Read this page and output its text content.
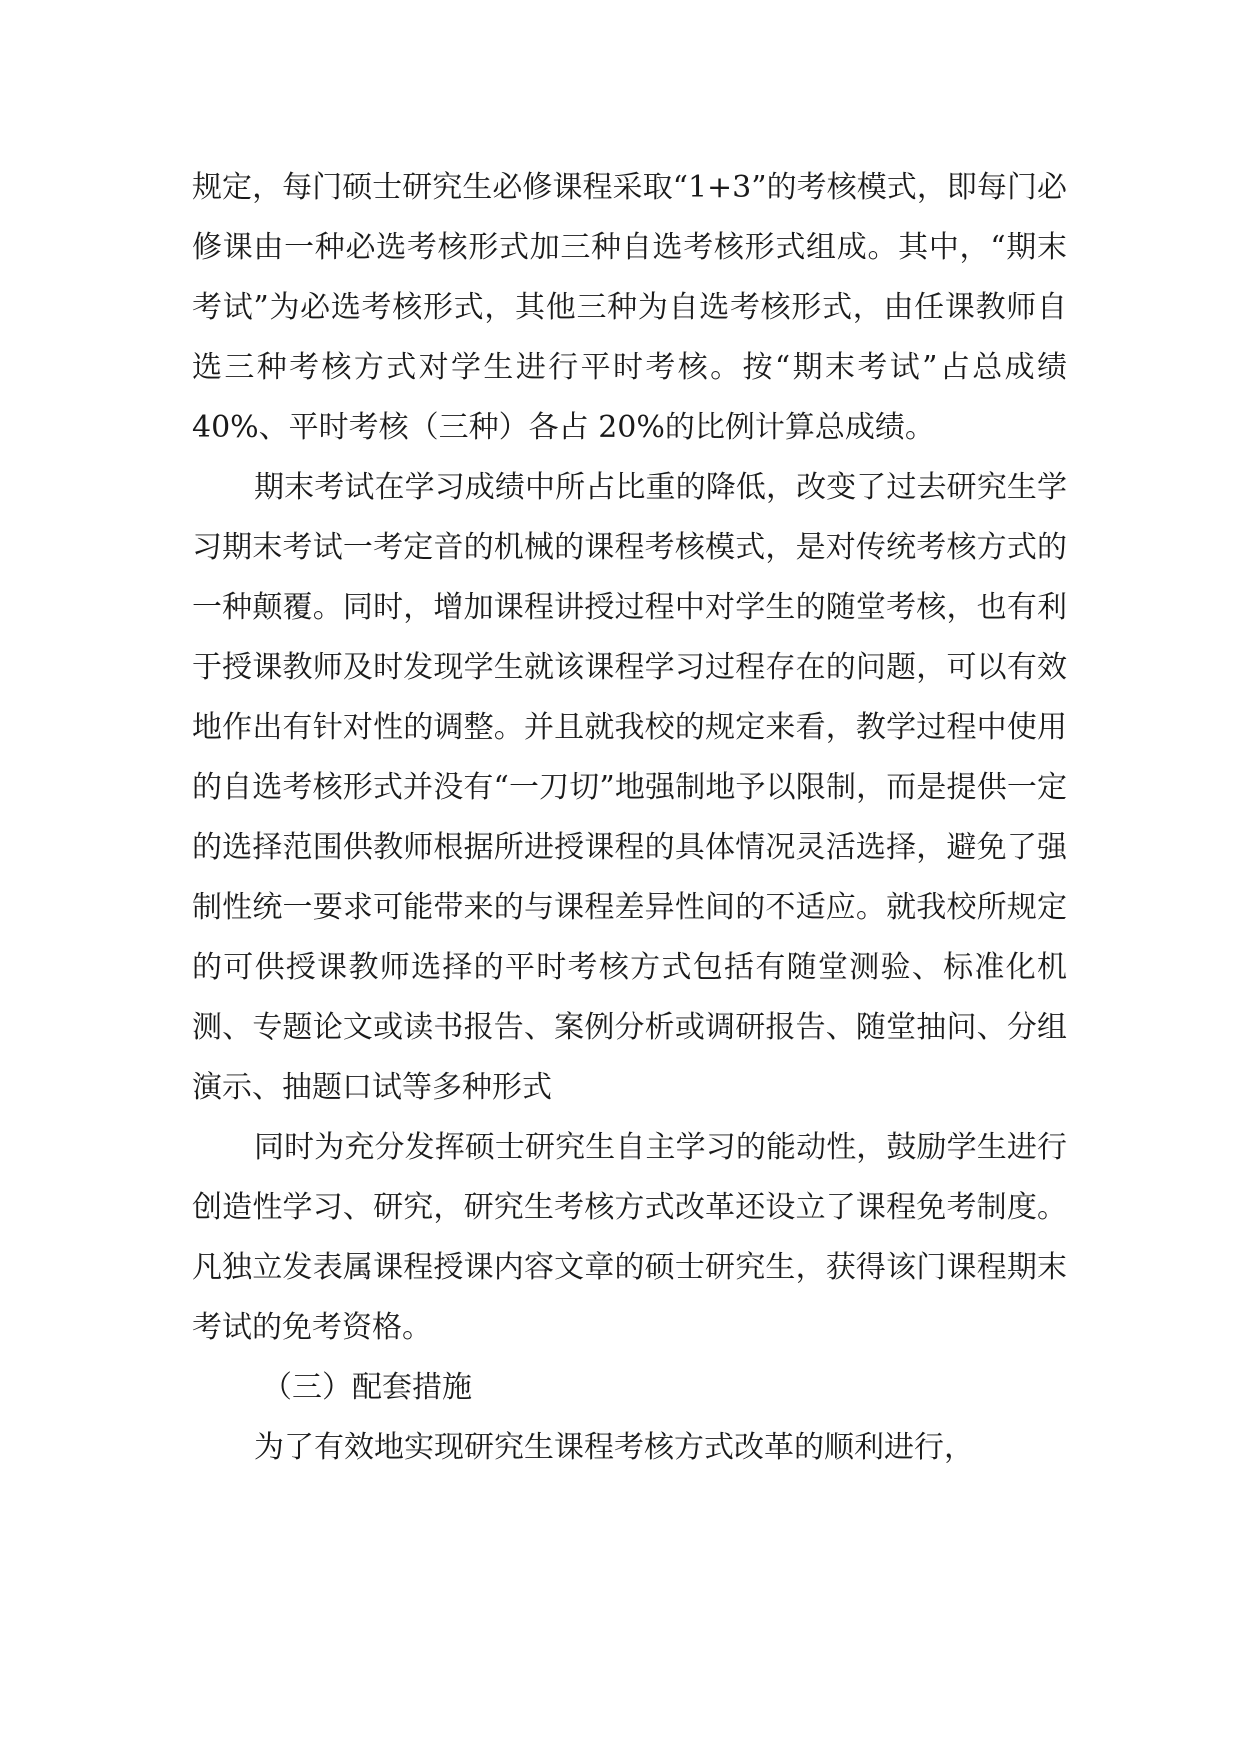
规定，每门硕士研究生必修课程采取“1+3”的考核模式，即每门必修课由一种必选考核形式加三种自选考核形式组成。其中，“期末考试”为必选考核形式，其他三种为自选考核形式，由任课教师自选三种考核方式对学生进行平时考核。按“期末考试”占总成绩 40%、平时考核（三种）各占 20%的比例计算总成绩。

期末考试在学习成绩中所占比重的降低，改变了过去研究生学习期末考试一考定音的机械的课程考核模式，是对传统考核方式的一种颠覆。同时，增加课程讲授过程中对学生的随堂考核，也有利于授课教师及时发现学生就该课程学习过程存在的问题，可以有效地作出有针对性的调整。并且就我校的规定来看，教学过程中使用的自选考核形式并没有“一刀切”地强制地予以限制，而是提供一定的选择范围供教师根据所进授课程的具体情况灵活选择，避免了强制性统一要求可能带来的与课程差异性间的不适应。就我校所规定的可供授课教师选择的平时考核方式包括有随堂测验、标准化机测、专题论文或读书报告、案例分析或调研报告、随堂抽问、分组演示、抽题口试等多种形式

同时为充分发挥硕士研究生自主学习的能动性，鼓励学生进行创造性学习、研究，研究生考核方式改革还设立了课程免考制度。凡独立发表属课程授课内容文章的硕士研究生，获得该门课程期末考试的免考资格。

（三）配套措施

为了有效地实现研究生课程考核方式改革的顺利进行，
